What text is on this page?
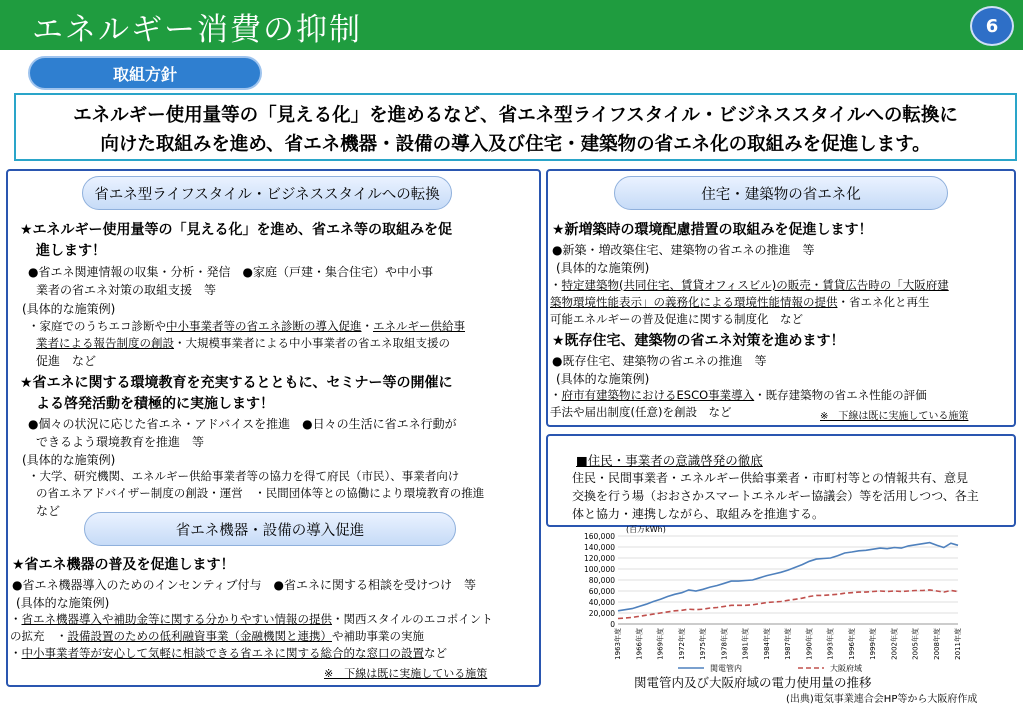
エネルギー消費の抑制	6
取組方針
エネルギー使用量等の「見える化」を進めるなど、省エネ型ライフスタイル・ビジネススタイルへの転換に
向けた取組みを進め、省エネ機器・設備の導入及び住宅・建築物の省エネ化の取組みを促進します。
省エネ型ライフスタイル・ビジネススタイルへの転換
★エネルギー使用量等の「見える化」を進め、省エネ等の取組みを促
進します！
●省エネ関連情報の収集・分析・発信　●家庭（戸建・集合住宅）や中小事
業者の省エネ対策の取組支援　等
(具体的な施策例)
・家庭でのうちエコ診断や中小事業者等の省エネ診断の導入促進・エネルギー供給事
業者による報告制度の創設・大規模事業者による中小事業者の省エネ取組支援の
促進　など
★省エネに関する環境教育を充実するとともに、セミナー等の開催に
よる啓発活動を積極的に実施します！
●個々の状況に応じた省エネ・アドバイスを推進　●日々の生活に省エネ行動が
できるよう環境教育を推進　等
(具体的な施策例)
・大学、研究機関、エネルギー供給事業者等の協力を得て府民（市民）、事業者向け
の省エネアドバイザー制度の創設・運営　・民間団体等との協働により環境教育の推進
など
省エネ機器・設備の導入促進
★省エネ機器の普及を促進します！
●省エネ機器導入のためのインセンティブ付与　●省エネに関する相談を受けつけ　等
(具体的な施策例)
・省エネ機器導入や補助金等に関する分かりやすい情報の提供・関西スタイルのエコポイント
の拡充　・設備設置のための低利融資事業（金融機関と連携）や補助事業の実施
・中小事業者等が安心して気軽に相談できる省エネに関する総合的な窓口の設置など
※　下線は既に実施している施策
住宅・建築物の省エネ化
★新増築時の環境配慮措置の取組みを促進します！
●新築・増改築住宅、建築物の省エネの推進　等
(具体的な施策例)
・特定建築物(共同住宅、賃貸オフィスビル)の販売・賃貸広告時の「大阪府建
築物環境性能表示」の義務化による環境性能情報の提供・省エネ化と再生
可能エネルギーの普及促進に関する制度化　など
★既存住宅、建築物の省エネ対策を進めます！
●既存住宅、建築物の省エネの推進　等
(具体的な施策例)
・府市有建築物におけるESCO事業導入・既存建築物の省エネ性能の評価
手法や届出制度(任意)を創設　など	※　下線は既に実施している施策
■住民・事業者の意識啓発の徹底
住民・民間事業者・エネルギー供給事業者・市町村等との情報共有、意見
交換を行う場（おおさかスマートエネルギー協議会）等を活用しつつ、各主
体と協力・連携しながら、取組みを推進する。
0
20,000
40,000
60,000
80,000
100,000
120,000
140,000
160,000
1963年度 1966年度 1969年度 1972年度 1975年度 1978年度 1981年度 1984年度 1987年度 1990年度 1993年度 1996年度 1999年度 2002年度 2005年度 2008年度 2011年度
関電管内	大阪府域
(百万kWh)
関電管内及び大阪府域の電力使用量の推移
(出典)電気事業連合会HP等から大阪府作成
